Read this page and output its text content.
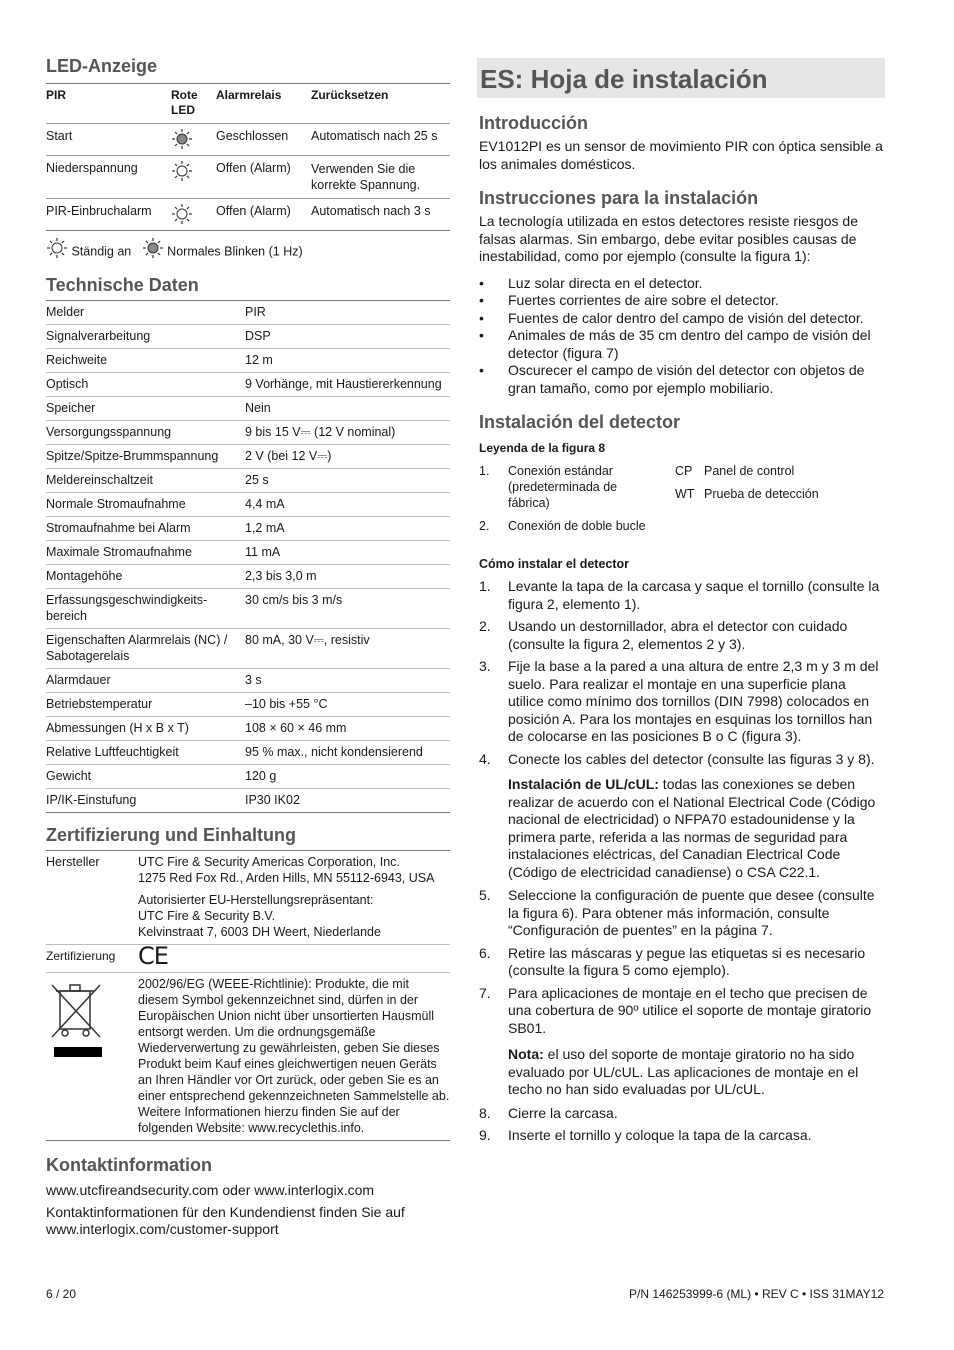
LED-Anzeige
PIR	Rote LED	Alarmrelais	Zurücksetzen
Start		Geschlossen	Automatisch nach 25 s
Niederspannung		Offen (Alarm)	Verwenden Sie die korrekte Spannung.
PIR-Einbruchalarm		Offen (Alarm)	Automatisch nach 3 s
Ständig an	Normales Blinken (1 Hz)
Technische Daten
Melder	PIR
Signalverarbeitung	DSP
Reichweite	12 m
Optisch	9 Vorhänge, mit Haustiererkennung
Speicher	Nein
Versorgungsspannung	9 bis 15 V⎓ (12 V nominal)
Spitze/Spitze-Brummspannung	2 V (bei 12 V⎓)
Meldereinschaltzeit	25 s
Normale Stromaufnahme	4,4 mA
Stromaufnahme bei Alarm	1,2 mA
Maximale Stromaufnahme	11 mA
Montagehöhe	2,3 bis 3,0 m
Erfassungsgeschwindigkeits-bereich	30 cm/s bis 3 m/s
Eigenschaften Alarmrelais (NC) / Sabotagerelais	80 mA, 30 V⎓, resistiv
Alarmdauer	3 s
Betriebstemperatur	–10 bis +55 °C
Abmessungen (H x B x T)	108 × 60 × 46 mm
Relative Luftfeuchtigkeit	95 % max., nicht kondensierend
Gewicht	120 g
IP/IK-Einstufung	IP30 IK02
Zertifizierung und Einhaltung
Hersteller	UTC Fire & Security Americas Corporation, Inc.
1275 Red Fox Rd., Arden Hills, MN 55112-6943, USA
Autorisierter EU-Herstellungsrepräsentant:
UTC Fire & Security B.V.
Kelvinstraat 7, 6003 DH Weert, Niederlande

Zertifizierung	CE
	2002/96/EG (WEEE-Richtlinie): Produkte, die mit diesem Symbol gekennzeichnet sind, dürfen in der Europäischen Union nicht über unsortierten Hausmüll entsorgt werden. Um die ordnungsgemäße Wiederverwertung zu gewährleisten, geben Sie dieses Produkt beim Kauf eines gleichwertigen neuen Geräts an Ihren Händler vor Ort zurück, oder geben Sie es an einer entsprechend gekennzeichneten Sammelstelle ab. Weitere Informationen hierzu finden Sie auf der folgenden Website: www.recyclethis.info.
Kontaktinformation

www.utcfireandsecurity.com oder www.interlogix.com

Kontaktinformationen für den Kundendienst finden Sie auf www.interlogix.com/customer-support

ES: Hoja de instalación
Introducción

EV1012PI es un sensor de movimiento PIR con óptica sensible a los animales domésticos.

Instrucciones para la instalación

La tecnología utilizada en estos detectores resiste riesgos de falsas alarmas. Sin embargo, debe evitar posibles causas de inestabilidad, como por ejemplo (consulte la figura 1):

•	Luz solar directa en el detector.
•	Fuertes corrientes de aire sobre el detector.
•	Fuentes de calor dentro del campo de visión del detector.
•	Animales de más de 35 cm dentro del campo de visión del detector (figura 7)
•	Oscurecer el campo de visión del detector con objetos de gran tamaño, como por ejemplo mobiliario.
Instalación del detector
Leyenda de la figura 8
1.	Conexión estándar (predeterminada de fábrica)
2.	Conexión de doble bucle
CP Panel de control
WT Prueba de detección
Cómo instalar el detector
1.	Levante la tapa de la carcasa y saque el tornillo (consulte la figura 2, elemento 1).
2.	Usando un destornillador, abra el detector con cuidado (consulte la figura 2, elementos 2 y 3).
3.	Fije la base a la pared a una altura de entre 2,3 m y 3 m del suelo. Para realizar el montaje en una superficie plana utilice como mínimo dos tornillos (DIN 7998) colocados en posición A. Para los montajes en esquinas los tornillos han de colocarse en las posiciones B o C (figura 3).
4.	Conecte los cables del detector (consulte las figuras 3 y 8).

Instalación de UL/cUL: todas las conexiones se deben realizar de acuerdo con el National Electrical Code (Código nacional de electricidad) o NFPA70 estadounidense y la primera parte, referida a las normas de seguridad para instalaciones eléctricas, del Canadian Electrical Code (Código de electricidad canadiense) o CSA C22.1.

5.	Seleccione la configuración de puente que desee (consulte la figura 6). Para obtener más información, consulte “Configuración de puentes” en la página 7.
6.	Retire las máscaras y pegue las etiquetas si es necesario (consulte la figura 5 como ejemplo).
7.	Para aplicaciones de montaje en el techo que precisen de una cobertura de 90º utilice el soporte de montaje giratorio SB01.

Nota: el uso del soporte de montaje giratorio no ha sido evaluado por UL/cUL. Las aplicaciones de montaje en el techo no han sido evaluadas por UL/cUL.

8.	Cierre la carcasa.
9.	Inserte el tornillo y coloque la tapa de la carcasa.
6 / 20	P/N 146253999-6 (ML) • REV C • ISS 31MAY12
